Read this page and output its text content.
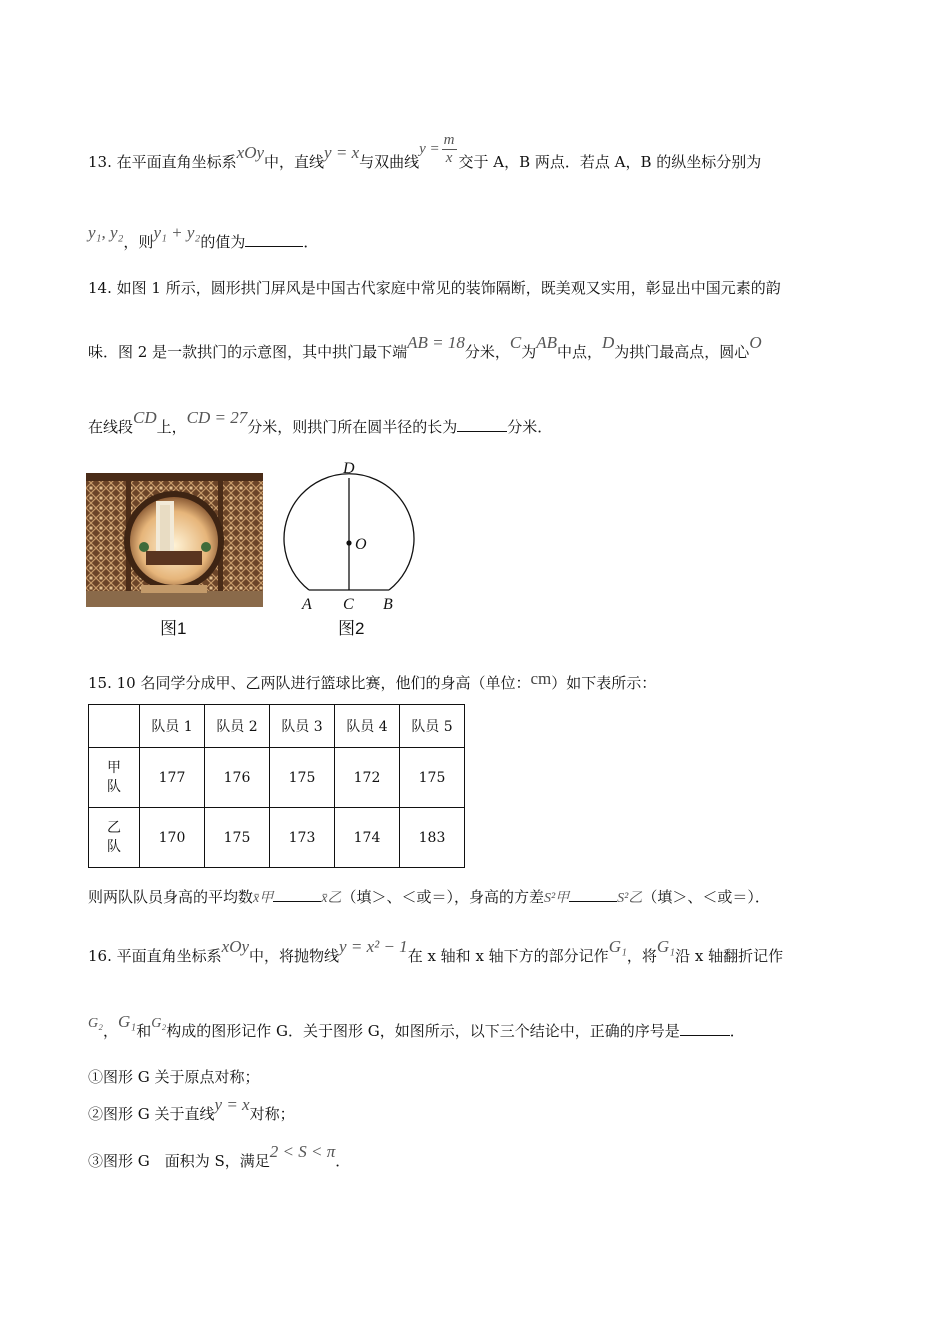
13. 在平面直角坐标系xOy中，直线y = x与双曲线$y = \frac{m}{x}$ 交于 A，B 两点．若点 A，B 的纵坐标分别为
y₁, y₂，则y₁ + y₂的值为	．
14. 如图 1 所示，圆形拱门屏风是中国古代家庭中常见的装饰隔断，既美观又实用，彰显出中国元素的韵
味．图 2 是一款拱门的示意图，其中拱门最下端AB = 18分米，C为AB中点，D为拱门最高点，圆心O
在线段CD上，CD = 27分米，则拱门所在圆半径的长为	分米．
D
O
A C B
图1	图2
15. 10 名同学分成甲、乙两队进行篮球比赛，他们的身高（单位：cm）如下表所示：
	队员 1	队员 2	队员 3	队员 4	队员 5
甲
队	177	176	175	172	175
乙
队	170	175	173	174	183
则两队队员身高的平均数x̄甲	x̄乙（填＞、＜或＝），身高的方差S²甲	S²乙（填＞、＜或＝）．
16. 平面直角坐标系xOy中，将抛物线y = x² − 1在 x 轴和 x 轴下方的部分记作G₁，将G₁沿 x 轴翻折记作
G₂，G₁和G₂构成的图形记作 G．关于图形 G，如图所示，以下三个结论中，正确的序号是	．
①图形 G 关于原点对称；
②图形 G 关于直线y = x对称；
③图形 G　面积为 S，满足2 < S < π．
